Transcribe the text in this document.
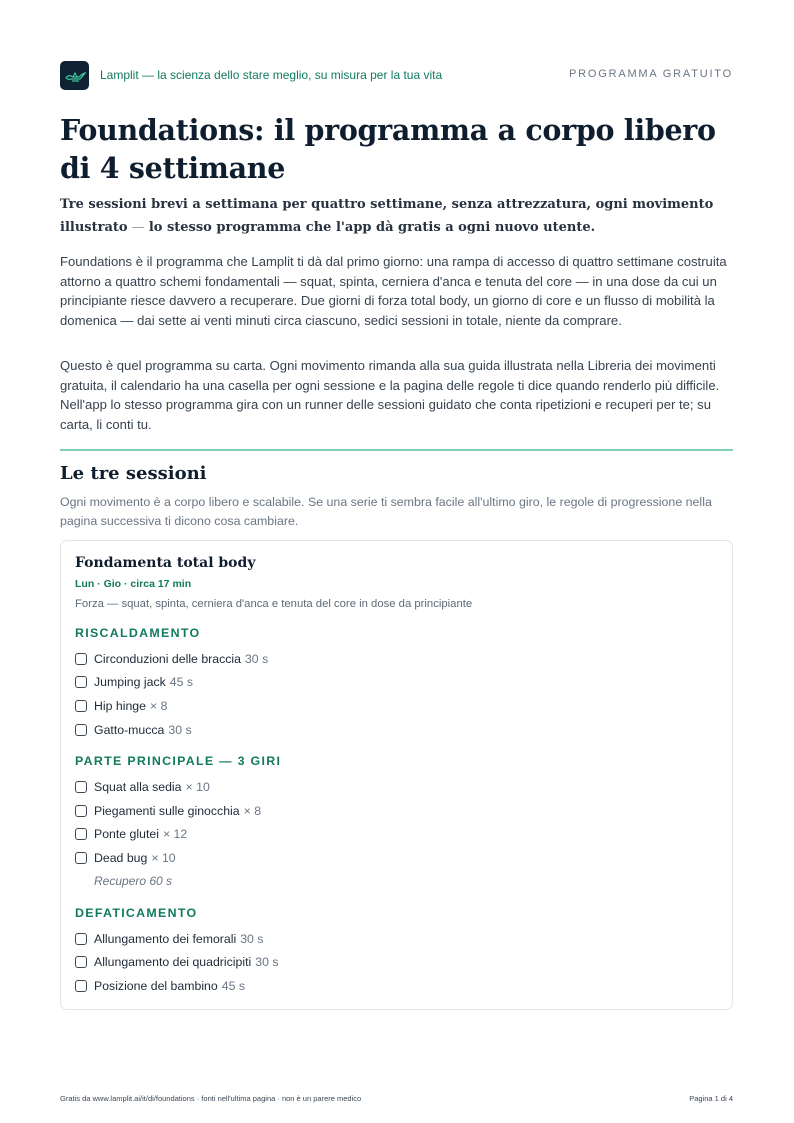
Lamplit — la scienza dello stare meglio, su misura per la tua vita	PROGRAMMA GRATUITO
Foundations: il programma a corpo libero di 4 settimane
Tre sessioni brevi a settimana per quattro settimane, senza attrezzatura, ogni movimento illustrato — lo stesso programma che l'app dà gratis a ogni nuovo utente.

Foundations è il programma che Lamplit ti dà dal primo giorno: una rampa di accesso di quattro settimane costruita attorno a quattro schemi fondamentali — squat, spinta, cerniera d'anca e tenuta del core — in una dose da cui un principiante riesce davvero a recuperare. Due giorni di forza total body, un giorno di core e un flusso di mobilità la domenica — dai sette ai venti minuti circa ciascuno, sedici sessioni in totale, niente da comprare.

Questo è quel programma su carta. Ogni movimento rimanda alla sua guida illustrata nella Libreria dei movimenti gratuita, il calendario ha una casella per ogni sessione e la pagina delle regole ti dice quando renderlo più difficile. Nell'app lo stesso programma gira con un runner delle sessioni guidato che conta ripetizioni e recuperi per te; su carta, li conti tu.

Le tre sessioni

Ogni movimento è a corpo libero e scalabile. Se una serie ti sembra facile all'ultimo giro, le regole di progressione nella pagina successiva ti dicono cosa cambiare.

Fondamenta total body
Lun · Gio · circa 17 min
Forza — squat, spinta, cerniera d'anca e tenuta del core in dose da principiante
RISCALDAMENTO
Circonduzioni delle braccia 30 s
Jumping jack 45 s
Hip hinge × 8
Gatto-mucca 30 s
PARTE PRINCIPALE — 3 GIRI
Squat alla sedia × 10
Piegamenti sulle ginocchia × 8
Ponte glutei × 12
Dead bug × 10
Recupero 60 s
DEFATICAMENTO
Allungamento dei femorali 30 s
Allungamento dei quadricipiti 30 s
Posizione del bambino 45 s
Gratis da www.lamplit.ai/it/di/foundations · fonti nell'ultima pagina · non è un parere medico	Pagina 1 di 4
